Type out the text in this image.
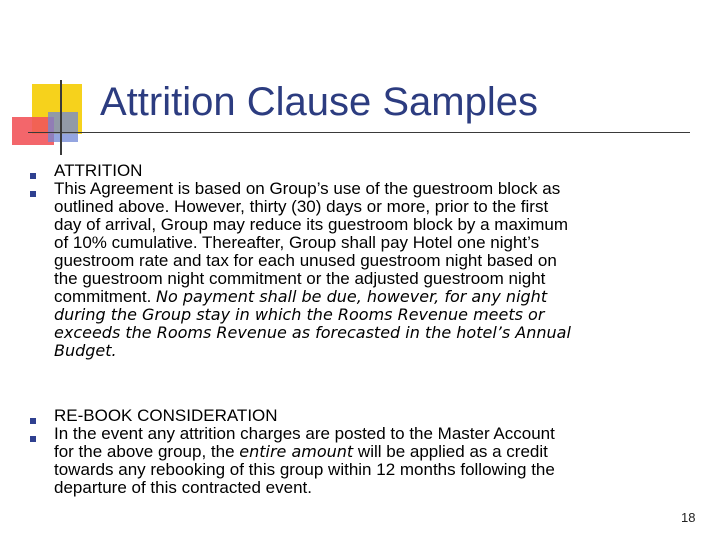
Attrition Clause Samples
ATTRITION
This Agreement is based on Group’s use of the guestroom block as
outlined above. However, thirty (30) days or more, prior to the first
day of arrival, Group may reduce its guestroom block by a maximum
of 10% cumulative. Thereafter, Group shall pay Hotel one night’s
guestroom rate and tax for each unused guestroom night based on
the guestroom night commitment or the adjusted guestroom night
commitment. No payment shall be due, however, for any night
during the Group stay in which the Rooms Revenue meets or
exceeds the Rooms Revenue as forecasted in the hotel’s Annual
Budget.
RE-BOOK CONSIDERATION
In the event any attrition charges are posted to the Master Account
for the above group, the entire amount will be applied as a credit
towards any rebooking of this group within 12 months following the
departure of this contracted event.
18
